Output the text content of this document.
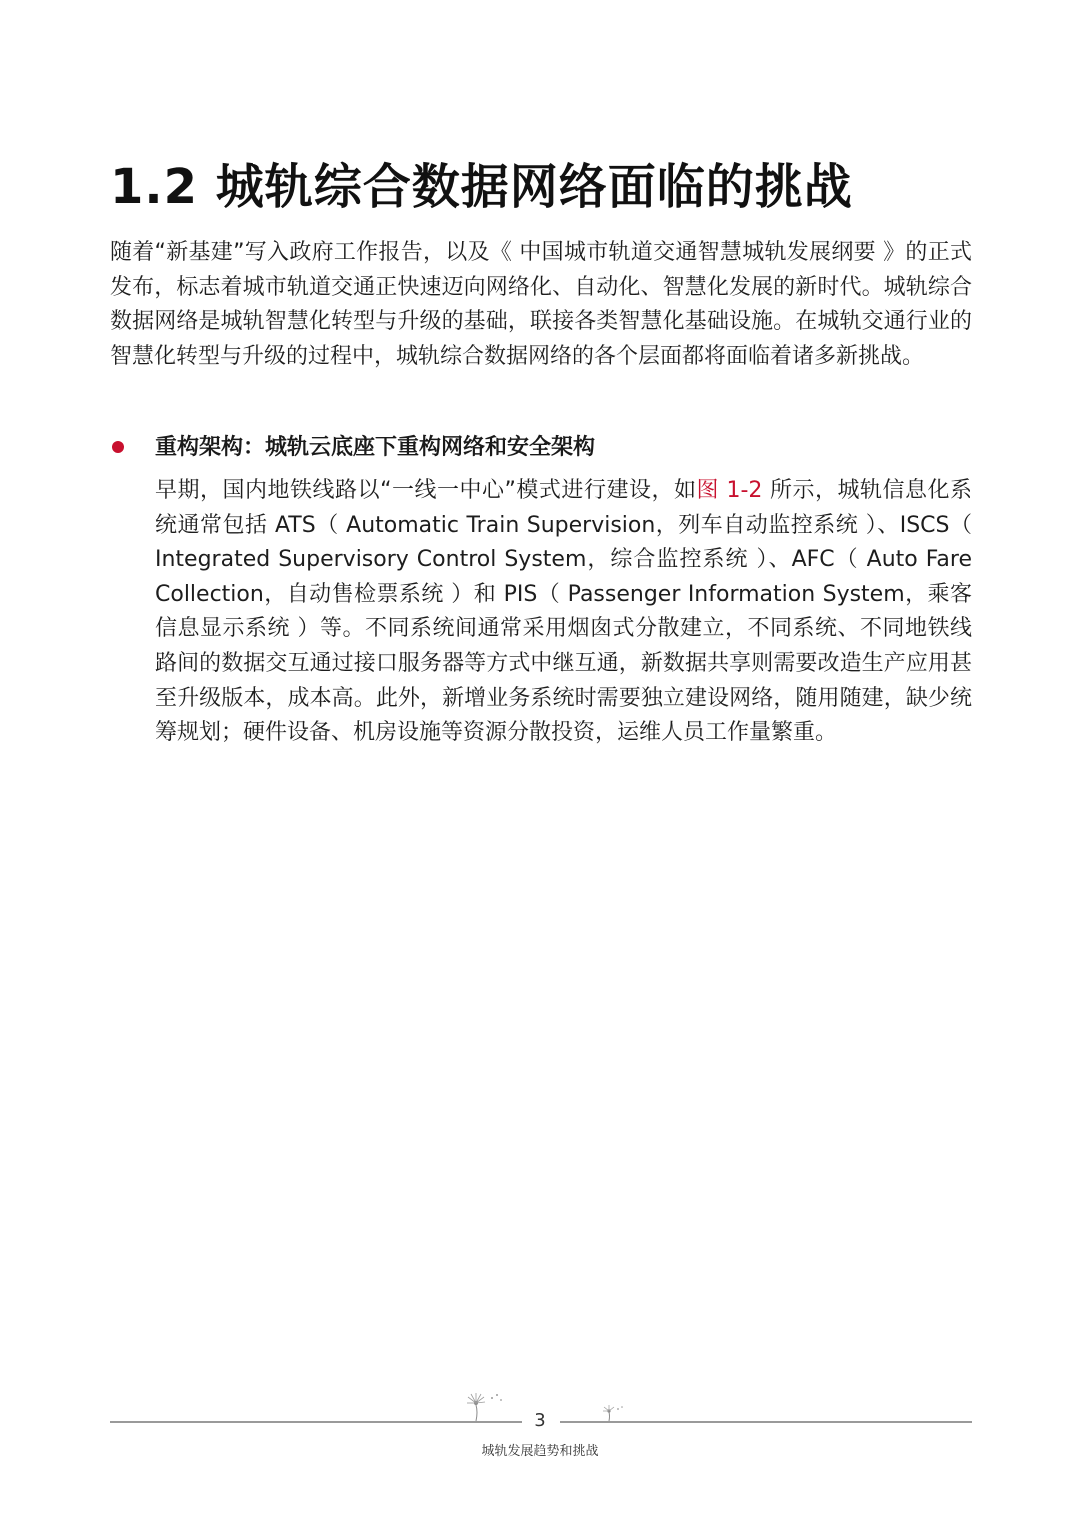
1.2 城轨综合数据网络面临的挑战

随着“新基建”写入政府工作报告，以及《 中国城市轨道交通智慧城轨发展纲要 》的正式发布，标志着城市轨道交通正快速迈向网络化、自动化、智慧化发展的新时代。城轨综合数据网络是城轨智慧化转型与升级的基础，联接各类智慧化基础设施。在城轨交通行业的智慧化转型与升级的过程中，城轨综合数据网络的各个层面都将面临着诸多新挑战。

重构架构：城轨云底座下重构网络和安全架构

早期，国内地铁线路以“一线一中心”模式进行建设，如图 1-2 所示，城轨信息化系统通常包括 ATS（ Automatic Train Supervision，列车自动监控系统 ）、ISCS（ Integrated Supervisory Control System，综合监控系统 ）、AFC（ Auto Fare Collection，自动售检票系统 ）和 PIS（ Passenger Information System，乘客信息显示系统 ）等。不同系统间通常采用烟囱式分散建立，不同系统、不同地铁线路间的数据交互通过接口服务器等方式中继互通，新数据共享则需要改造生产应用甚至升级版本，成本高。此外，新增业务系统时需要独立建设网络，随用随建，缺少统筹规划；硬件设备、机房设施等资源分散投资，运维人员工作量繁重。

3
城轨发展趋势和挑战
